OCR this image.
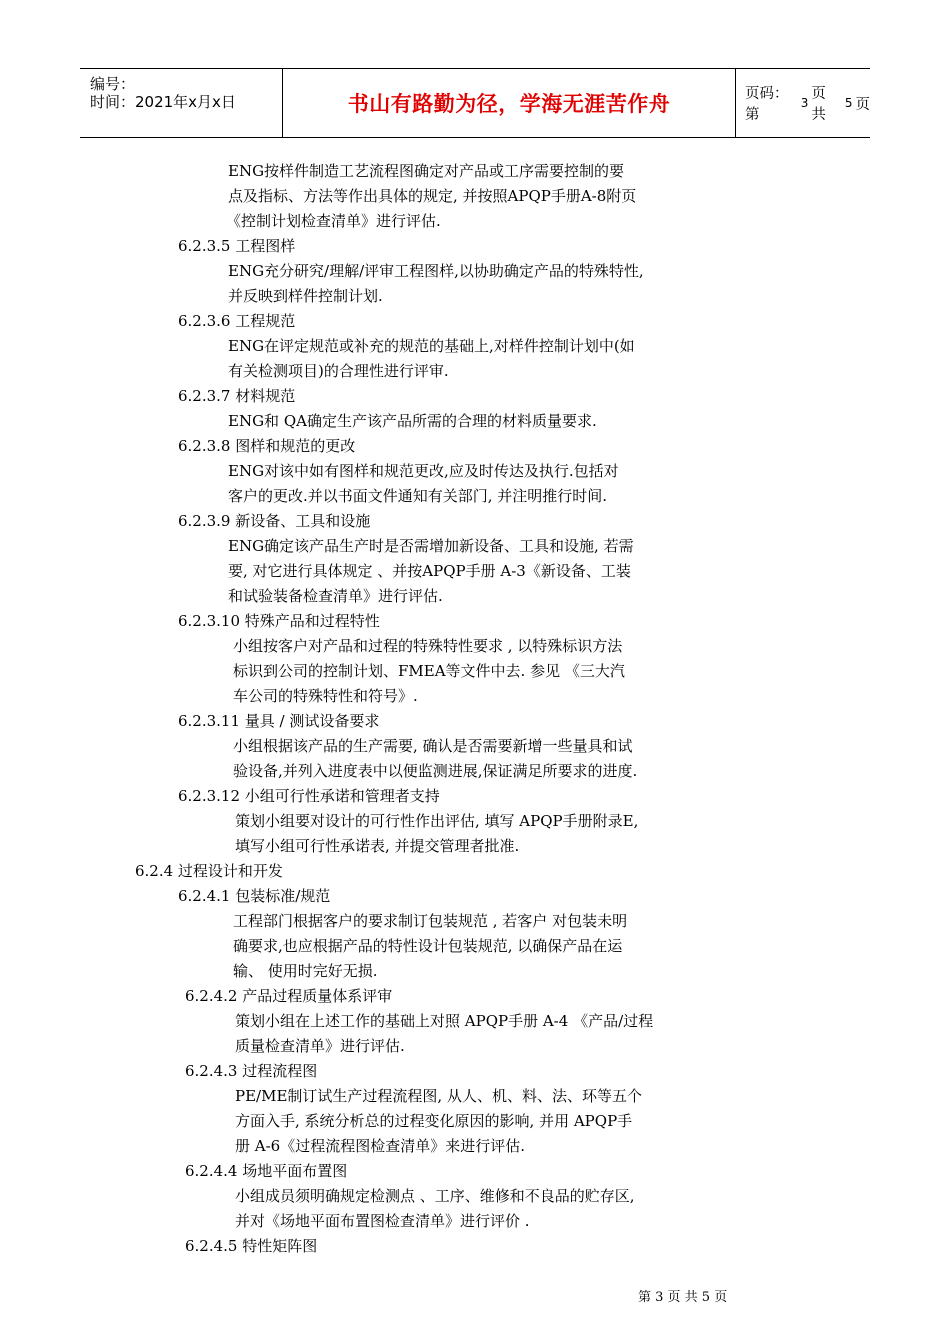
编号：
时间：2021年x月x日	书山有路勤为径，学海无涯苦作舟	页码：第
3
页 共
5 页
ENG按样件制造工艺流程图确定对产品或工序需要控制的要
点及指标、方法等作出具体的规定, 并按照APQP手册A-8附页
《控制计划检查清单》进行评估.
6.2.3.5 工程图样
ENG充分研究/理解/评审工程图样,以协助确定产品的特殊特性,
并反映到样件控制计划.
6.2.3.6 工程规范
ENG在评定规范或补充的规范的基础上,对样件控制计划中(如
有关检测项目)的合理性进行评审.
6.2.3.7 材料规范
ENG和 QA确定生产该产品所需的合理的材料质量要求.
6.2.3.8 图样和规范的更改
ENG对该中如有图样和规范更改,应及时传达及执行.包括对
客户的更改.并以书面文件通知有关部门, 并注明推行时间.
6.2.3.9 新设备、工具和设施
ENG确定该产品生产时是否需增加新设备、工具和设施, 若需
要, 对它进行具体规定 、并按APQP手册 A-3《新设备、工装
和试验装备检查清单》进行评估.
6.2.3.10 特殊产品和过程特性
小组按客户对产品和过程的特殊特性要求 , 以特殊标识方法
标识到公司的控制计划、FMEA等文件中去. 参见 《三大汽
车公司的特殊特性和符号》.
6.2.3.11 量具 / 测试设备要求
小组根据该产品的生产需要, 确认是否需要新增一些量具和试
验设备,并列入进度表中以便监测进展,保证满足所要求的进度.
6.2.3.12 小组可行性承诺和管理者支持
策划小组要对设计的可行性作出评估, 填写 APQP手册附录E,
填写小组可行性承诺表, 并提交管理者批准.
6.2.4 过程设计和开发
6.2.4.1 包装标准/规范
工程部门根据客户的要求制订包装规范 , 若客户 对包装未明
确要求,也应根据产品的特性设计包装规范, 以确保产品在运
输、 使用时完好无损.
6.2.4.2 产品过程质量体系评审
策划小组在上述工作的基础上对照 APQP手册 A-4 《产品/过程
质量检查清单》进行评估.
6.2.4.3 过程流程图
PE/ME制订试生产过程流程图, 从人、机、料、法、环等五个
方面入手, 系统分析总的过程变化原因的影响, 并用 APQP手
册 A-6《过程流程图检查清单》来进行评估.
6.2.4.4 场地平面布置图
小组成员须明确规定检测点 、工序、维修和不良品的贮存区,
并对《场地平面布置图检查清单》进行评价 .
6.2.4.5 特性矩阵图
第 3 页 共 5 页
